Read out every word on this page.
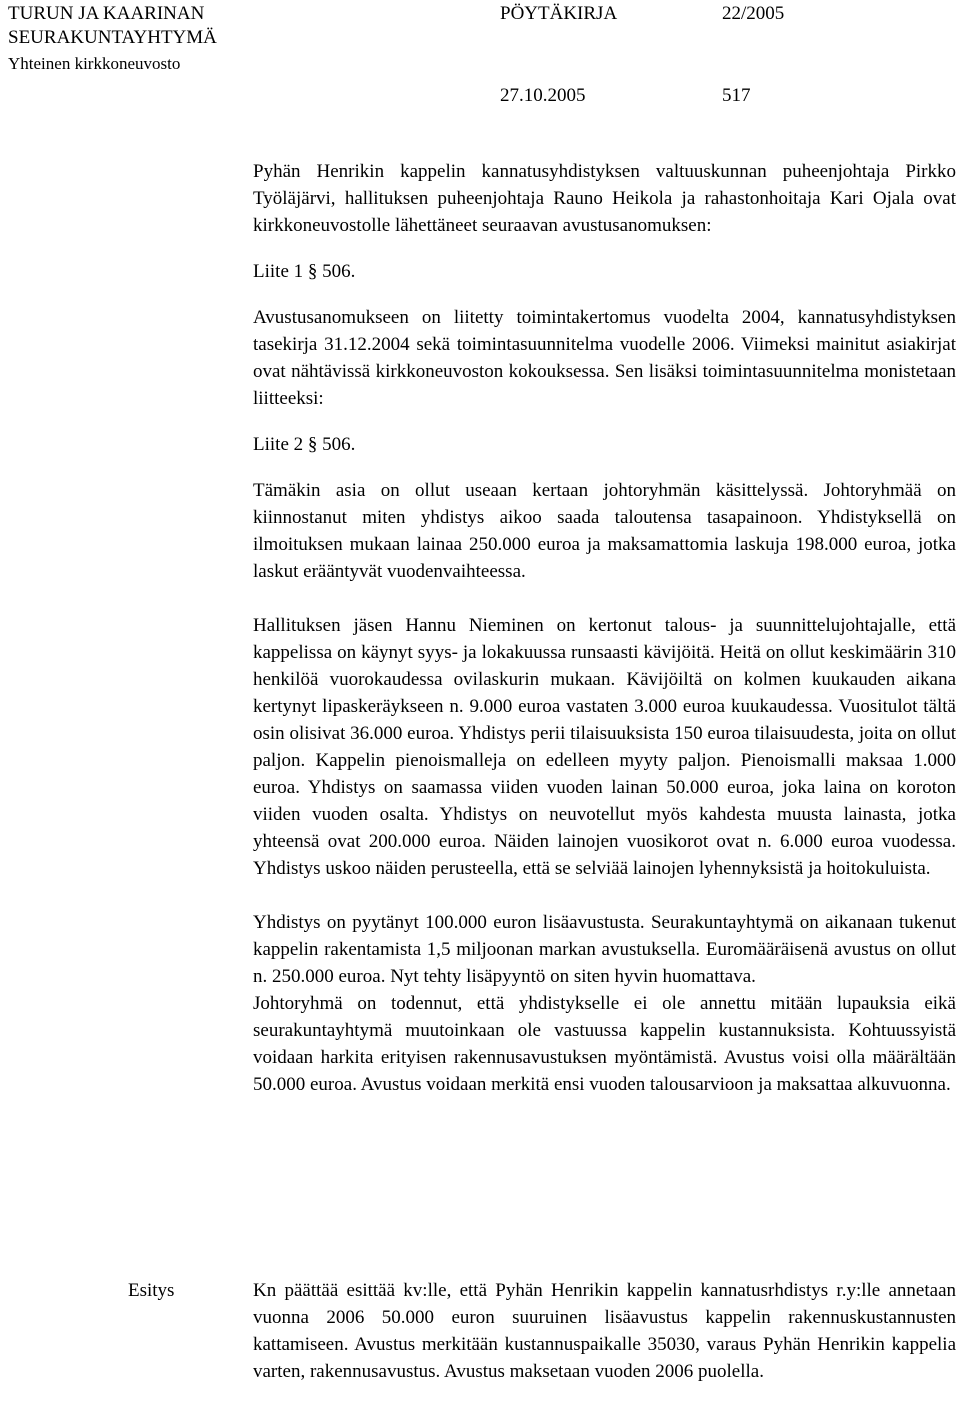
TURUN JA KAARINAN
SEURAKUNTAYHTYMÄ
Yhteinen kirkkoneuvosto
PÖYTÄKIRJA	22/2005
27.10.2005	517

Pyhän Henrikin kappelin kannatusyhdistyksen valtuuskunnan puheenjohtaja Pirkko Työläjärvi, hallituksen puheenjohtaja Rauno Heikola ja rahastonhoitaja Kari Ojala ovat kirkkoneuvostolle lähettäneet seuraavan avustusanomuksen:

Liite 1 § 506.

Avustusanomukseen on liitetty toimintakertomus vuodelta 2004, kannatusyhdistyksen tasekirja 31.12.2004 sekä toimintasuunnitelma vuodelle 2006. Viimeksi mainitut asiakirjat ovat nähtävissä kirkkoneuvoston kokouksessa. Sen lisäksi toimintasuunnitelma monistetaan liitteeksi:

Liite 2 § 506.

Tämäkin asia on ollut useaan kertaan johtoryhmän käsittelyssä. Johtoryhmää on kiinnostanut miten yhdistys aikoo saada taloutensa tasapainoon. Yhdistyksellä on ilmoituksen mukaan lainaa 250.000 euroa ja maksamattomia laskuja 198.000 euroa, jotka laskut erääntyvät vuodenvaihteessa.

Hallituksen jäsen Hannu Nieminen on kertonut talous- ja suunnittelujohtajalle, että kappelissa on käynyt syys- ja lokakuussa runsaasti kävijöitä. Heitä on ollut keskimäärin 310 henkilöä vuorokaudessa ovilaskurin mukaan. Kävijöiltä on kolmen kuukauden aikana kertynyt lipaskeräykseen n. 9.000 euroa vastaten 3.000 euroa kuukaudessa. Vuositulot tältä osin olisivat 36.000 euroa. Yhdistys perii tilaisuuksista 150 euroa tilaisuudesta, joita on ollut paljon. Kappelin pienoismalleja on edelleen myyty paljon. Pienoismalli maksaa 1.000 euroa. Yhdistys on saamassa viiden vuoden lainan 50.000 euroa, joka laina on koroton viiden vuoden osalta. Yhdistys on neuvotellut myös kahdesta muusta lainasta, jotka yhteensä ovat 200.000 euroa. Näiden lainojen vuosikorot ovat n. 6.000 euroa vuodessa. Yhdistys uskoo näiden perusteella, että se selviää lainojen lyhennyksistä ja hoitokuluista.

Yhdistys on pyytänyt 100.000 euron lisäavustusta. Seurakuntayhtymä on aikanaan tukenut kappelin rakentamista 1,5 miljoonan markan avustuksella. Euromääräisenä avustus on ollut n. 250.000 euroa. Nyt tehty lisäpyyntö on siten hyvin huomattava.

Johtoryhmä on todennut, että yhdistykselle ei ole annettu mitään lupauksia eikä seurakuntayhtymä muutoinkaan ole vastuussa kappelin kustannuksista. Kohtuussyistä voidaan harkita erityisen rakennusavustuksen myöntämistä. Avustus voisi olla määrältään 50.000 euroa. Avustus voidaan merkitä ensi vuoden talousarvioon ja maksattaa alkuvuonna.

Esitys	Kn päättää esittää kv:lle, että Pyhän Henrikin kappelin kannatusrhdistys r.y:lle annetaan vuonna 2006 50.000 euron suuruinen lisäavustus kappelin rakennuskustannusten kattamiseen. Avustus merkitään kustannuspaikalle 35030, varaus Pyhän Henrikin kappelia varten, rakennusavustus. Avustus maksetaan vuoden 2006 puolella.
